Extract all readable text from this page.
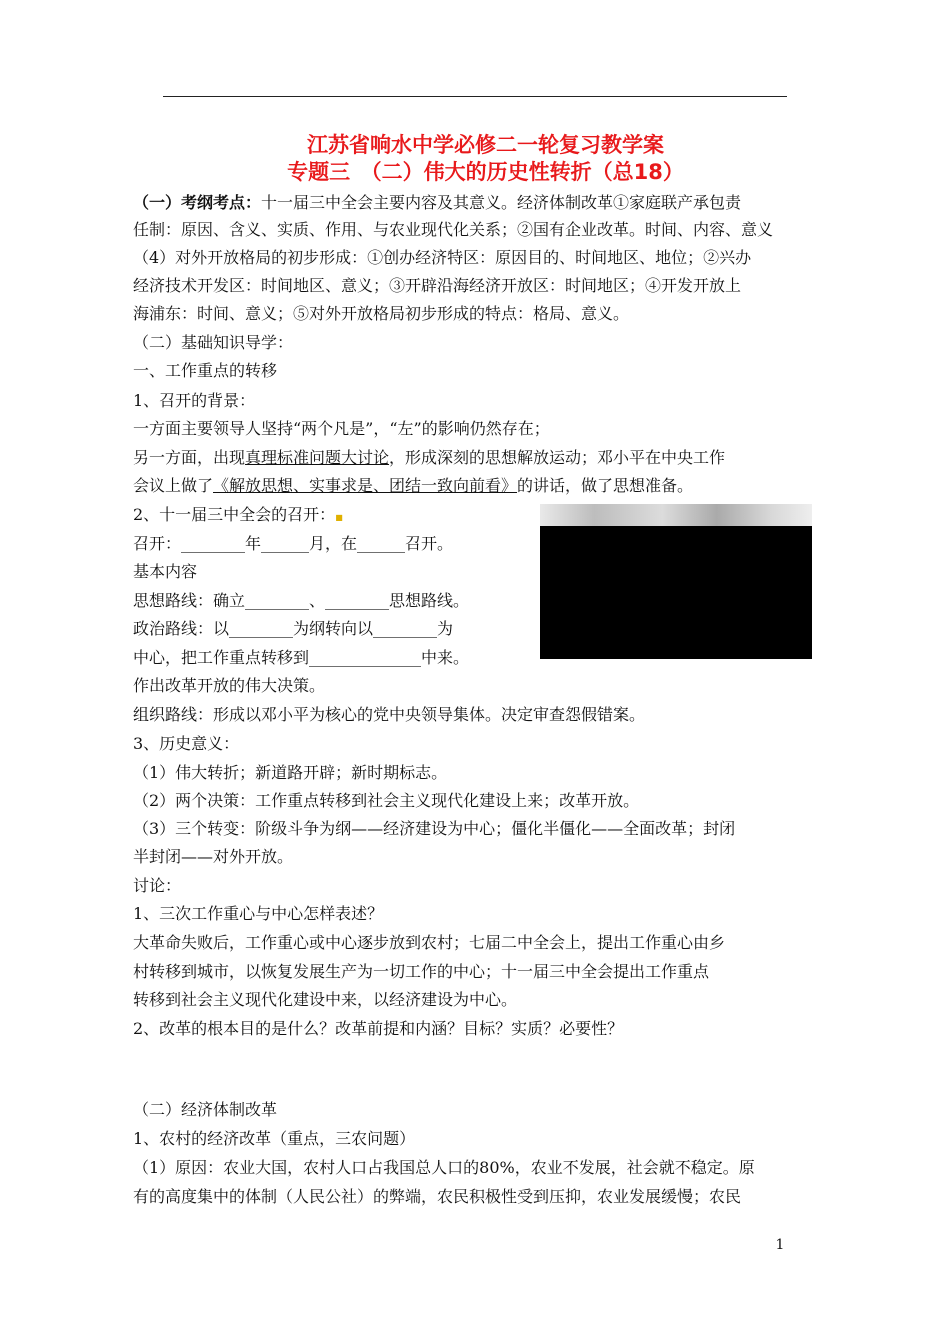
江苏省响水中学必修二一轮复习教学案
专题三　（二）伟大的历史性转折（总18）
（一）考纲考点：十一届三中全会主要内容及其意义。经济体制改革①家庭联产承包责
任制：原因、含义、实质、作用、与农业现代化关系；②国有企业改革。时间、内容、意义
（4）对外开放格局的初步形成：①创办经济特区：原因目的、时间地区、地位；②兴办
经济技术开发区：时间地区、意义；③开辟沿海经济开放区：时间地区；④开发开放上
海浦东：时间、意义；⑤对外开放格局初步形成的特点：格局、意义。
（二）基础知识导学：
一、工作重点的转移
1、召开的背景：
一方面主要领导人坚持“两个凡是”，“左”的影响仍然存在；
另一方面，出现真理标准问题大讨论，形成深刻的思想解放运动；邓小平在中央工作
会议上做了《解放思想、实事求是、团结一致向前看》的讲话，做了思想准备。
2、十一届三中全会的召开：■
召开：________年______月，在______召开。
基本内容
思想路线：确立________、________思想路线。
政治路线：以________为纲转向以________为
中心，把工作重点转移到______________中来。
作出改革开放的伟大决策。
组织路线：形成以邓小平为核心的党中央领导集体。决定审查怨假错案。
3、历史意义：
（1）伟大转折；新道路开辟；新时期标志。
（2）两个决策：工作重点转移到社会主义现代化建设上来；改革开放。
（3）三个转变：阶级斗争为纲——经济建设为中心；僵化半僵化——全面改革；封闭
半封闭——对外开放。
讨论：
1、三次工作重心与中心怎样表述？
大革命失败后，工作重心或中心逐步放到农村；七届二中全会上，提出工作重心由乡
村转移到城市，以恢复发展生产为一切工作的中心；十一届三中全会提出工作重点
转移到社会主义现代化建设中来，以经济建设为中心。
2、改革的根本目的是什么？改革前提和内涵？目标？实质？必要性？
（二）经济体制改革
1、农村的经济改革（重点，三农问题）
（1）原因：农业大国，农村人口占我国总人口的80%，农业不发展，社会就不稳定。原
有的高度集中的体制（人民公社）的弊端，农民积极性受到压抑，农业发展缓慢；农民
1
